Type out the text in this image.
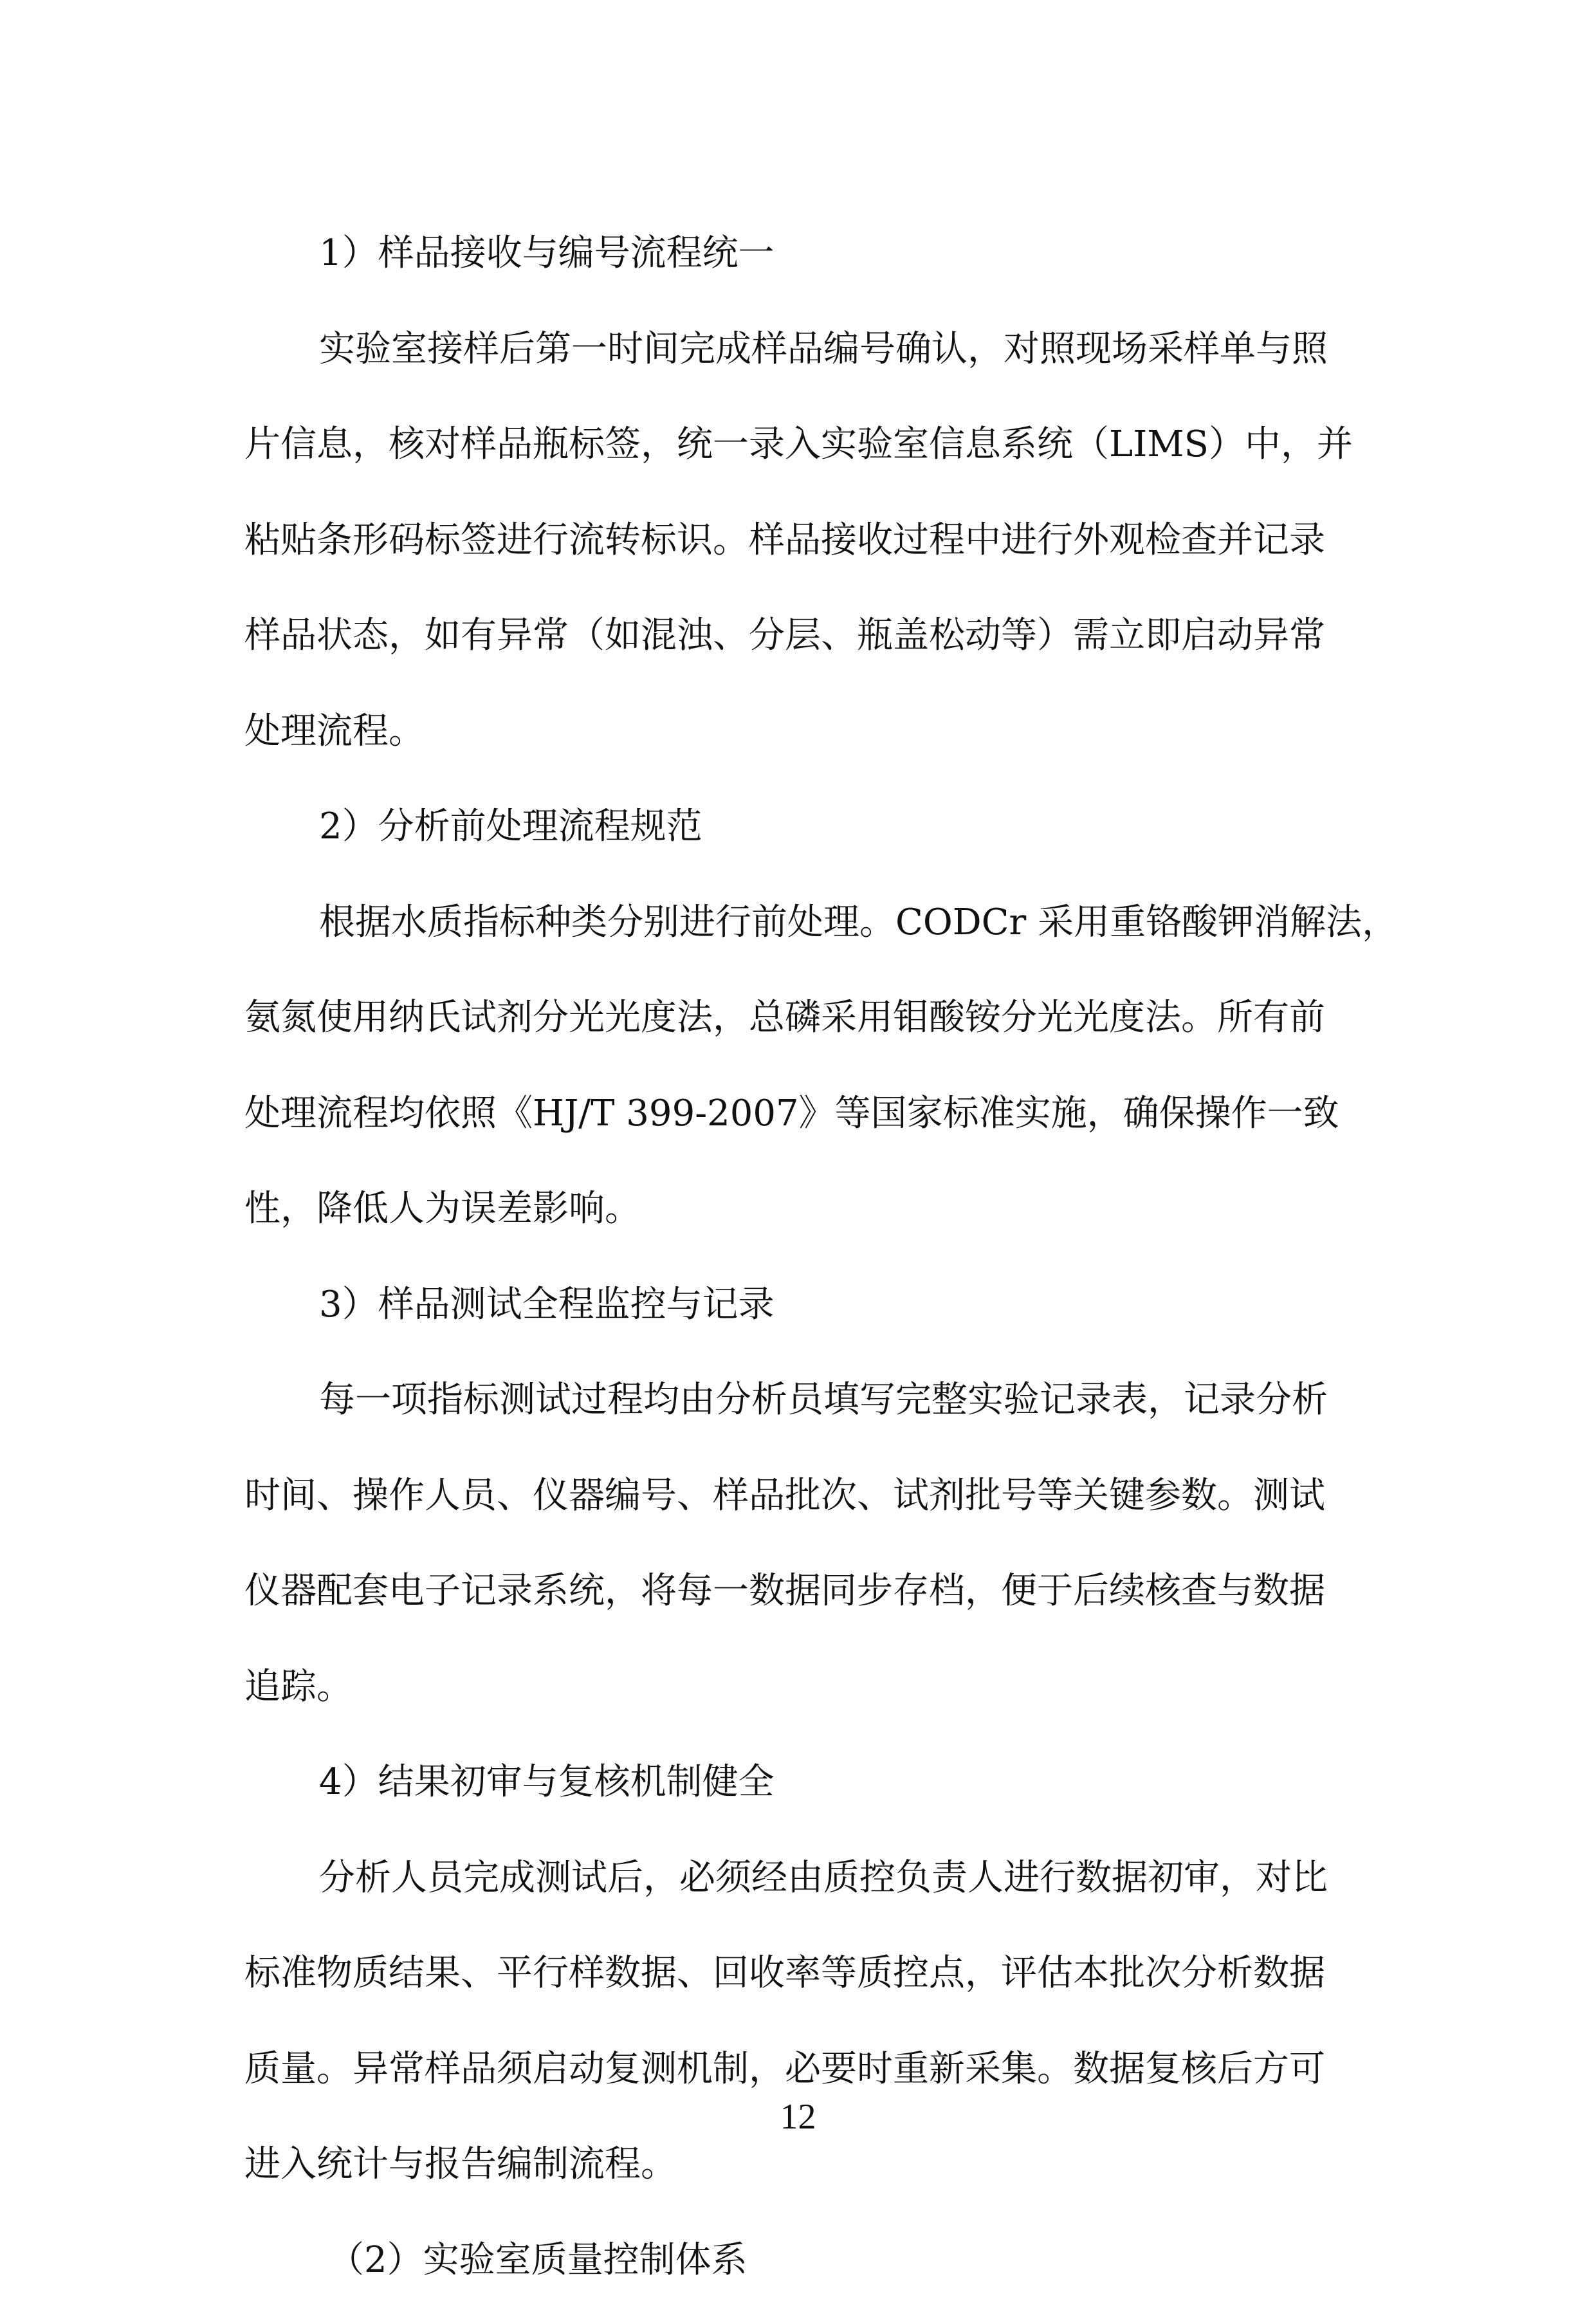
1）样品接收与编号流程统一
实验室接样后第一时间完成样品编号确认，对照现场采样单与照
片信息，核对样品瓶标签，统一录入实验室信息系统（LIMS）中，并
粘贴条形码标签进行流转标识。样品接收过程中进行外观检查并记录
样品状态，如有异常（如混浊、分层、瓶盖松动等）需立即启动异常
处理流程。
2）分析前处理流程规范
根据水质指标种类分别进行前处理。CODCr 采用重铬酸钾消解法，
氨氮使用纳氏试剂分光光度法，总磷采用钼酸铵分光光度法。所有前
处理流程均依照《HJ/T 399-2007》等国家标准实施，确保操作一致
性，降低人为误差影响。
3）样品测试全程监控与记录
每一项指标测试过程均由分析员填写完整实验记录表，记录分析
时间、操作人员、仪器编号、样品批次、试剂批号等关键参数。测试
仪器配套电子记录系统，将每一数据同步存档，便于后续核查与数据
追踪。
4）结果初审与复核机制健全
分析人员完成测试后，必须经由质控负责人进行数据初审，对比
标准物质结果、平行样数据、回收率等质控点，评估本批次分析数据
质量。异常样品须启动复测机制，必要时重新采集。数据复核后方可
进入统计与报告编制流程。
（2）实验室质量控制体系
12
